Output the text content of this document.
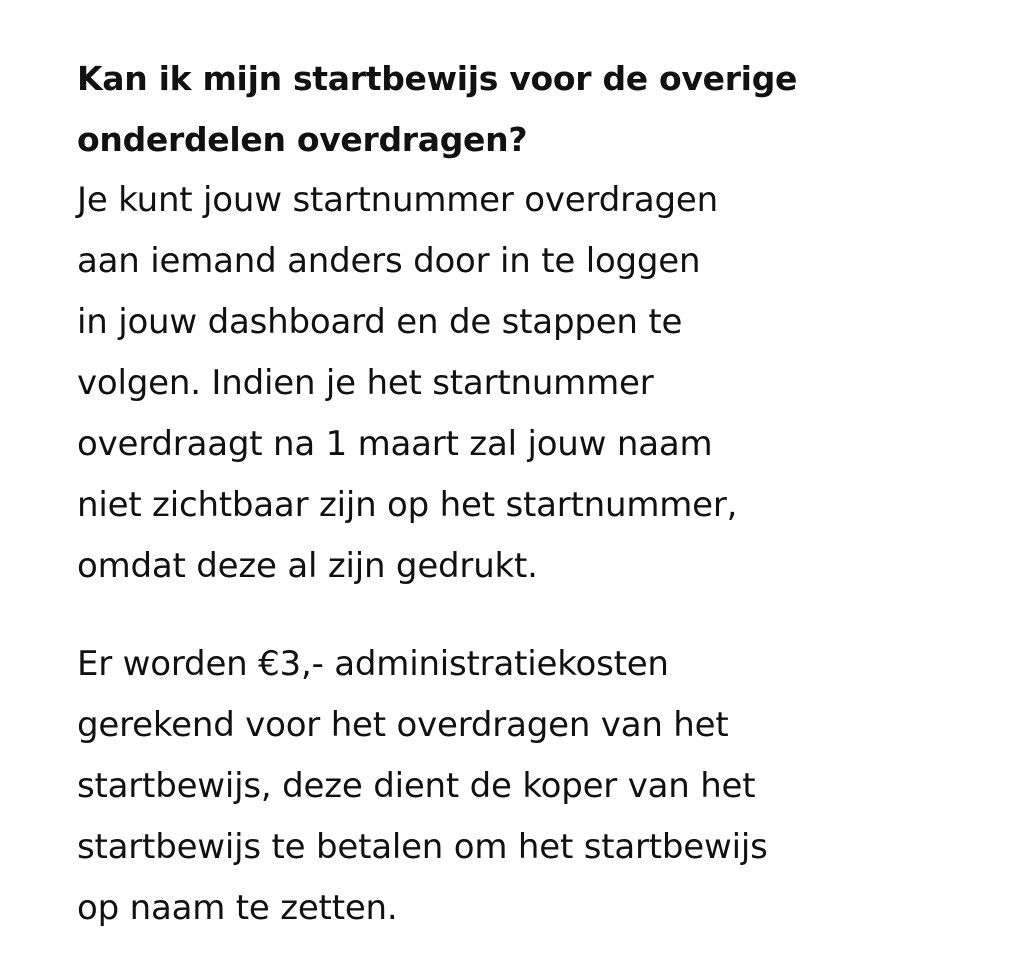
Kan ik mijn startbewijs voor de overige
onderdelen overdragen?

Je kunt jouw startnummer overdragen
aan iemand anders door in te loggen
in jouw dashboard en de stappen te
volgen. Indien je het startnummer
overdraagt na 1 maart zal jouw naam
niet zichtbaar zijn op het startnummer,
omdat deze al zijn gedrukt.

Er worden €3,- administratiekosten
gerekend voor het overdragen van het
startbewijs, deze dient de koper van het
startbewijs te betalen om het startbewijs
op naam te zetten.
